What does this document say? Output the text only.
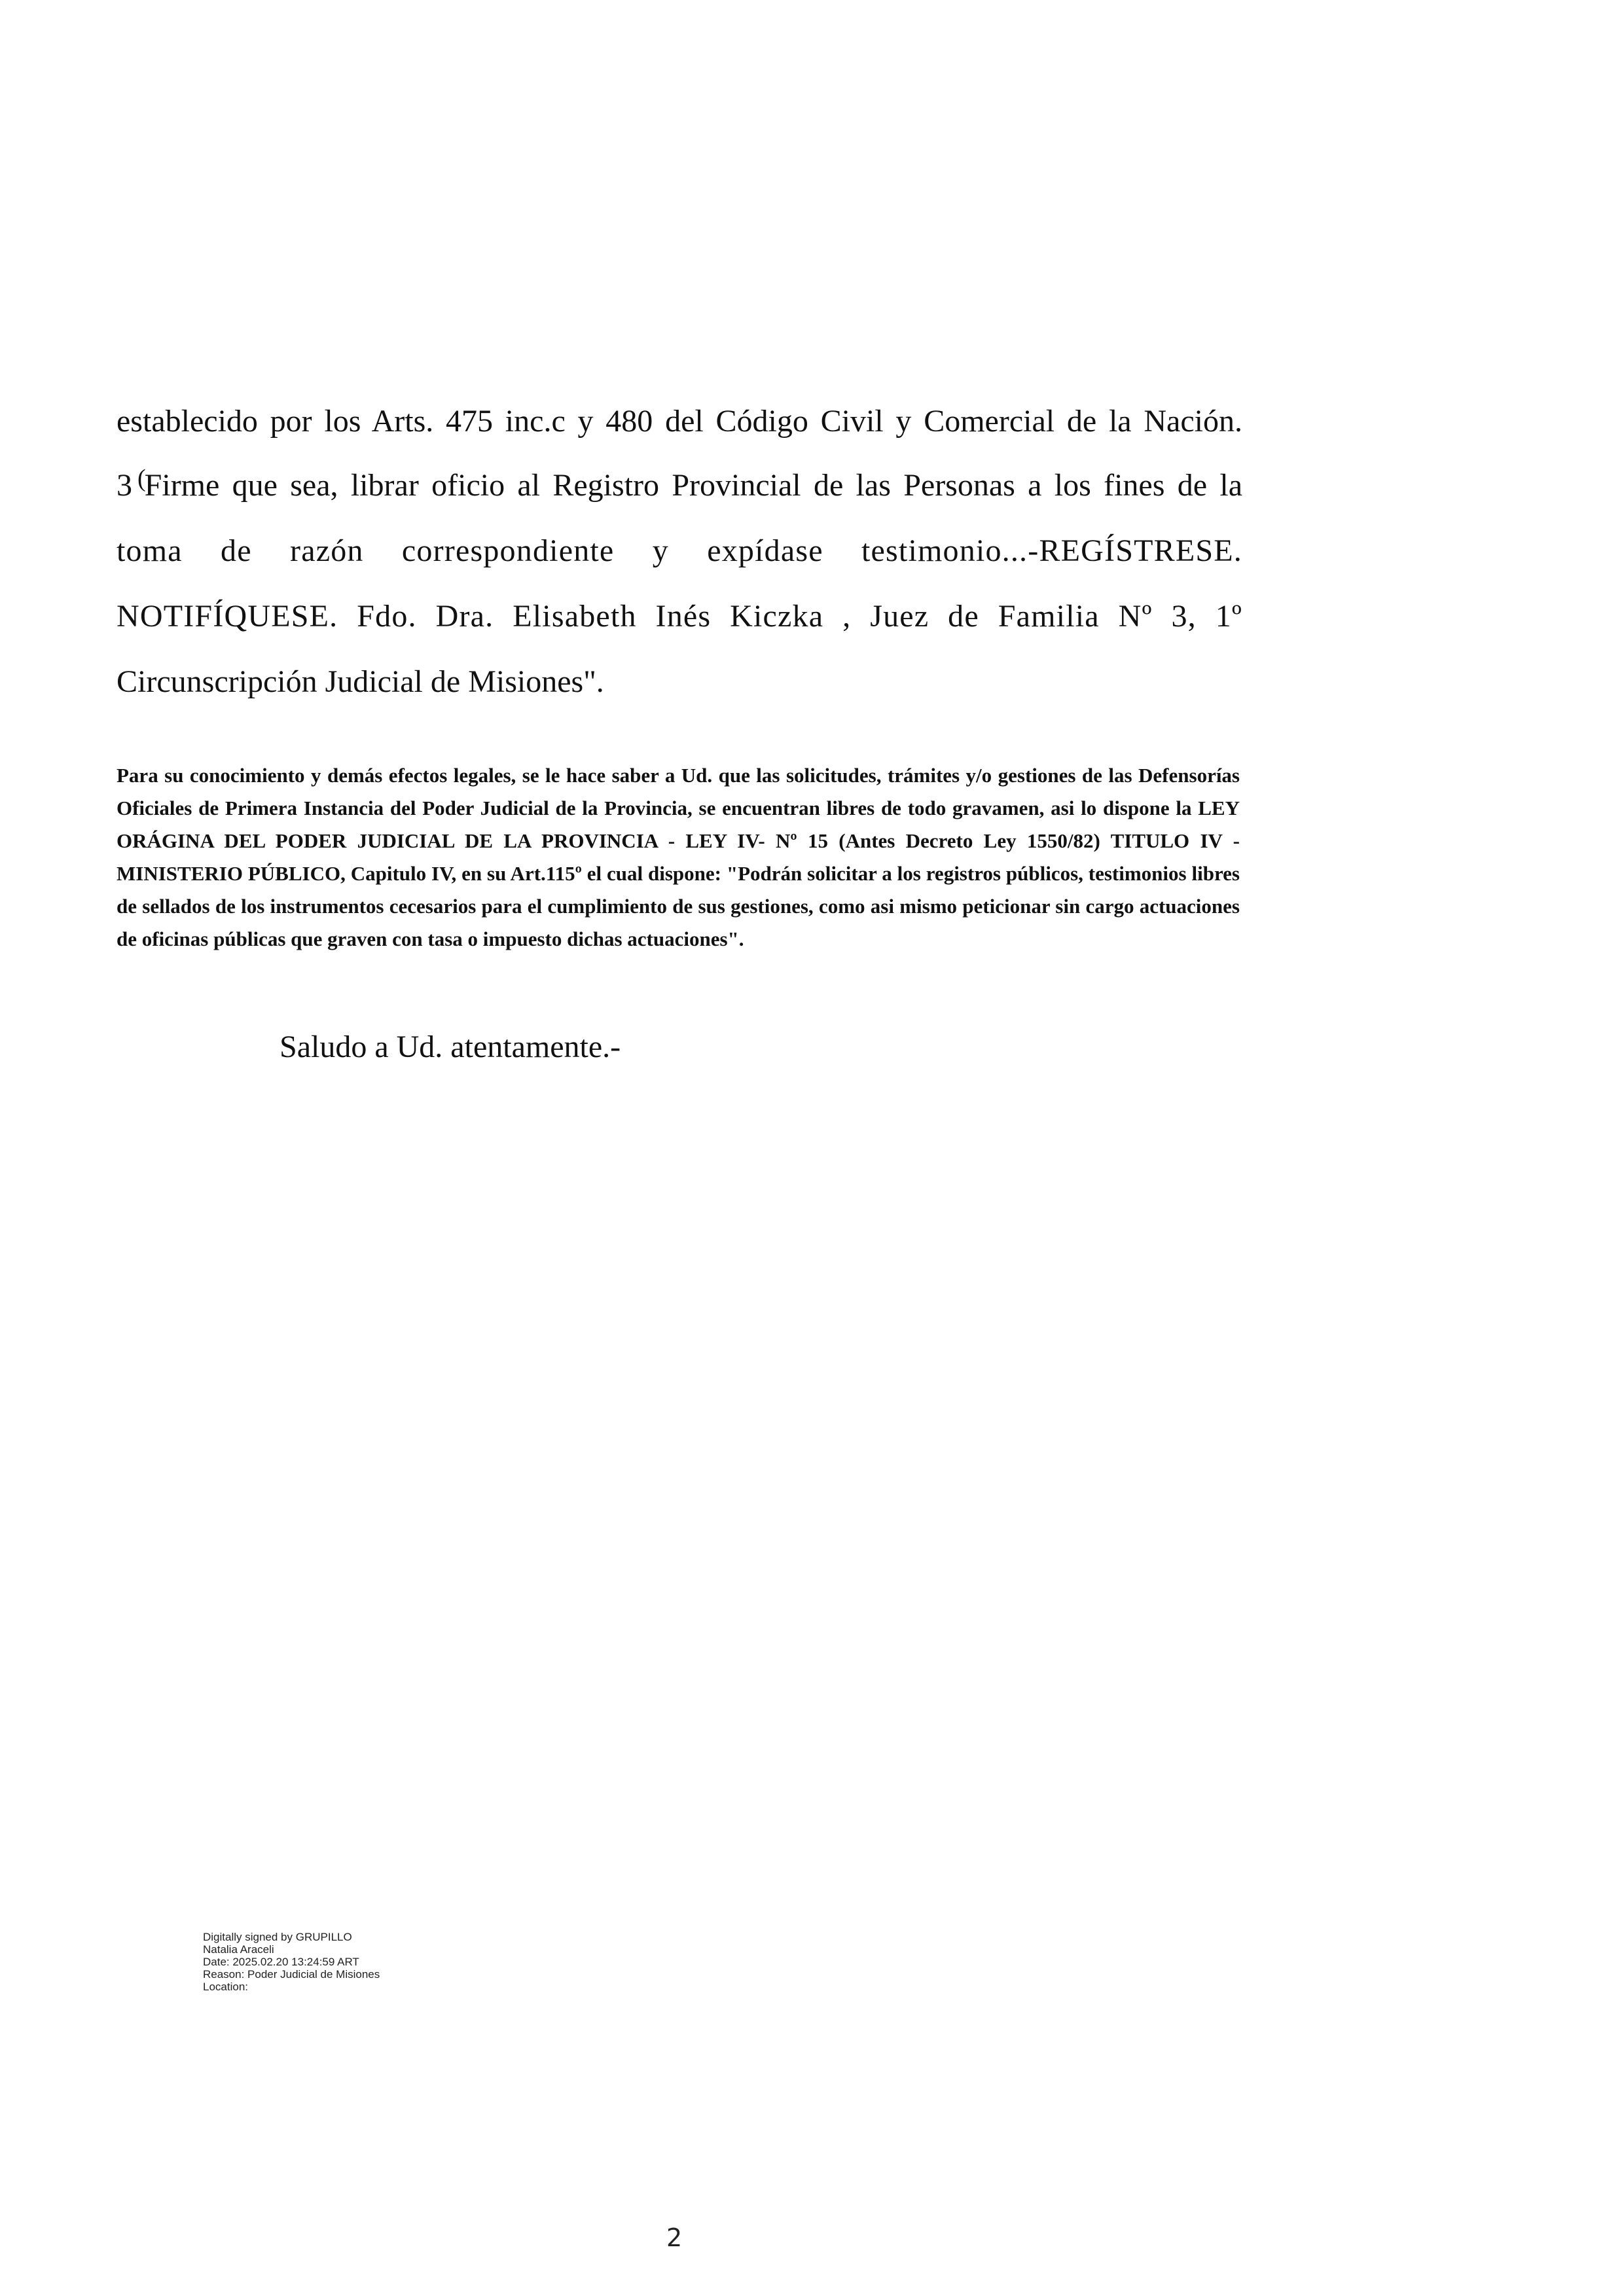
establecido por los Arts. 475 inc.c y 480 del Código Civil y Comercial de la Nación.
3 (Firme que sea, librar oficio al Registro Provincial de las Personas a los fines de la
toma de razón correspondiente y expídase testimonio...-REGÍSTRESE.
NOTIFÍQUESE. Fdo. Dra. Elisabeth Inés Kiczka , Juez de Familia Nº 3, 1º
Circunscripción Judicial de Misiones".
Para su conocimiento y demás efectos legales, se le hace saber a Ud. que las solicitudes, trámites y/o gestiones de las Defensorías Oficiales de Primera Instancia del Poder Judicial de la Provincia, se encuentran libres de todo gravamen, asi lo dispone la LEY ORÁGINA DEL PODER JUDICIAL DE LA PROVINCIA - LEY IV- Nº 15 (Antes Decreto Ley 1550/82) TITULO IV - MINISTERIO PÚBLICO, Capitulo IV, en su Art.115º el cual dispone: "Podrán solicitar a los registros públicos, testimonios libres de sellados de los instrumentos cecesarios para el cumplimiento de sus gestiones, como asi mismo peticionar sin cargo actuaciones de oficinas públicas que graven con tasa o impuesto dichas actuaciones".
Saludo a Ud. atentamente.-
Digitally signed by GRUPILLO
Natalia Araceli
Date: 2025.02.20 13:24:59 ART
Reason: Poder Judicial de Misiones
Location:
2
